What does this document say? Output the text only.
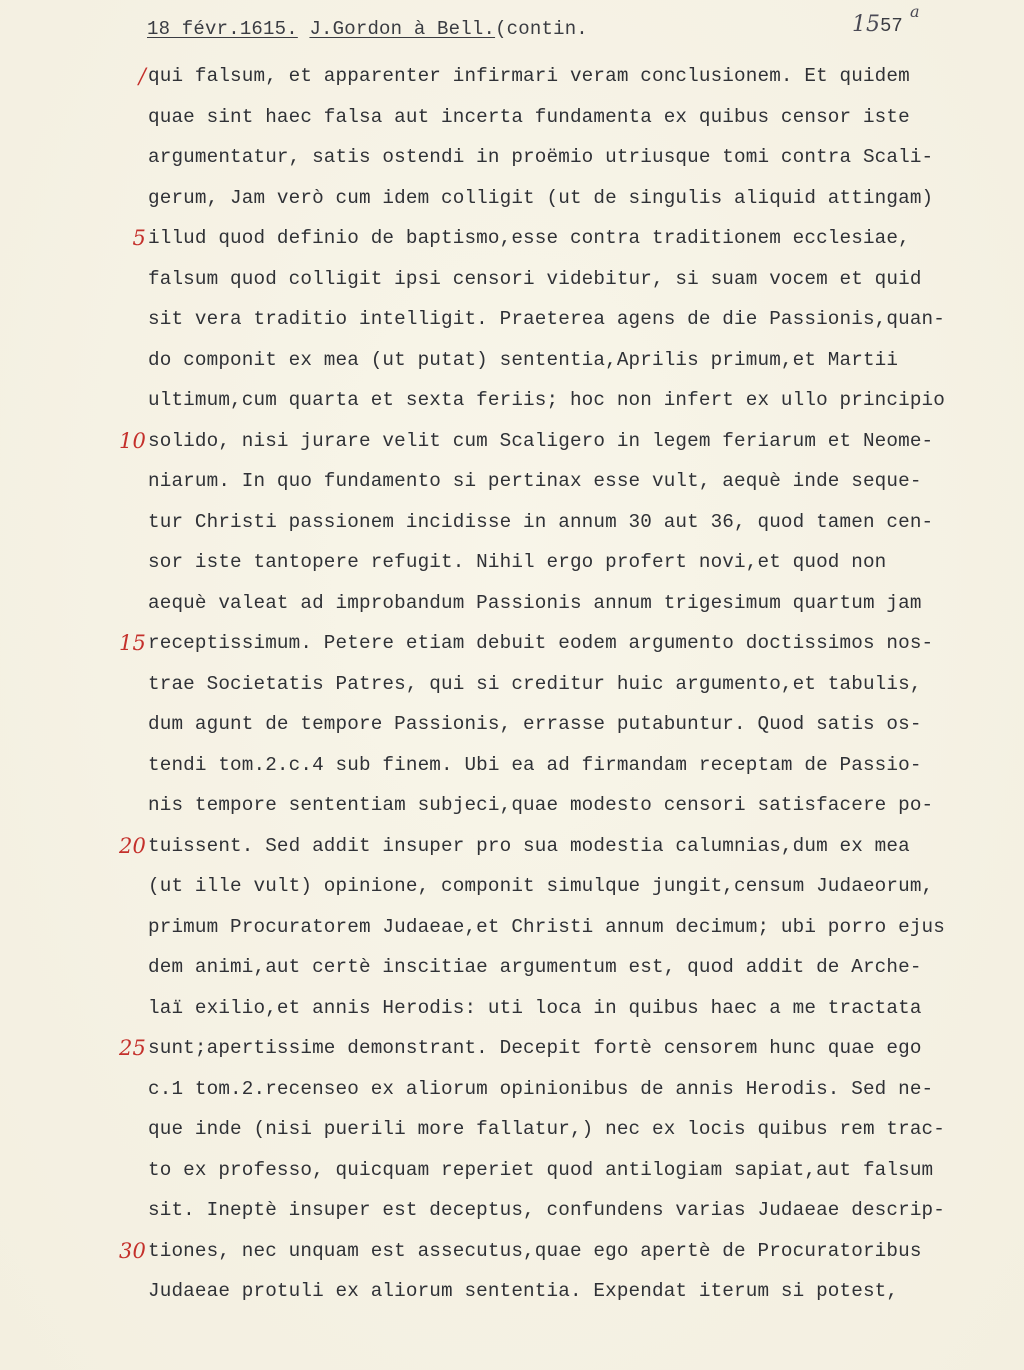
18 févr.1615. J.Gordon à Bell.(contin.	1557
a
/ qui falsum, et apparenter infirmari veram conclusionem. Et quidem
quae sint haec falsa aut incerta fundamenta ex quibus censor iste
argumentatur, satis ostendi in proëmio utriusque tomi contra Scali-
gerum, Jam verò cum idem colligit (ut de singulis aliquid attingam)
5 illud quod definio de baptismo,esse contra traditionem ecclesiae,
falsum quod colligit ipsi censori videbitur, si suam vocem et quid
sit vera traditio intelligit. Praeterea agens de die Passionis,quan-
do componit ex mea (ut putat) sententia,Aprilis primum,et Martii
ultimum,cum quarta et sexta feriis; hoc non infert ex ullo principio
10 solido, nisi jurare velit cum Scaligero in legem feriarum et Neome-
niarum. In quo fundamento si pertinax esse vult, aequè inde seque-
tur Christi passionem incidisse in annum 30 aut 36, quod tamen cen-
sor iste tantopere refugit. Nihil ergo profert novi,et quod non
aequè valeat ad improbandum Passionis annum trigesimum quartum jam
15 receptissimum. Petere etiam debuit eodem argumento doctissimos nos-
trae Societatis Patres, qui si creditur huic argumento,et tabulis,
dum agunt de tempore Passionis, errasse putabuntur. Quod satis os-
tendi tom.2.c.4 sub finem. Ubi ea ad firmandam receptam de Passio-
nis tempore sententiam subjeci,quae modesto censori satisfacere po-
20 tuissent. Sed addit insuper pro sua modestia calumnias,dum ex mea
(ut ille vult) opinione, componit simulque jungit,censum Judaeorum,
primum Procuratorem Judaeae,et Christi annum decimum; ubi porro ejus
dem animi,aut certè inscitiae argumentum est, quod addit de Arche-
laï exilio,et annis Herodis: uti loca in quibus haec a me tractata
25 sunt;apertissime demonstrant. Decepit fortè censorem hunc quae ego
c.1 tom.2.recenseo ex aliorum opinionibus de annis Herodis. Sed ne-
que inde (nisi puerili more fallatur,) nec ex locis quibus rem trac-
to ex professo, quicquam reperiet quod antilogiam sapiat,aut falsum
sit. Ineptè insuper est deceptus, confundens varias Judaeae descrip-
30 tiones, nec unquam est assecutus,quae ego apertè de Procuratoribus
Judaeae protuli ex aliorum sententia. Expendat iterum si potest,
